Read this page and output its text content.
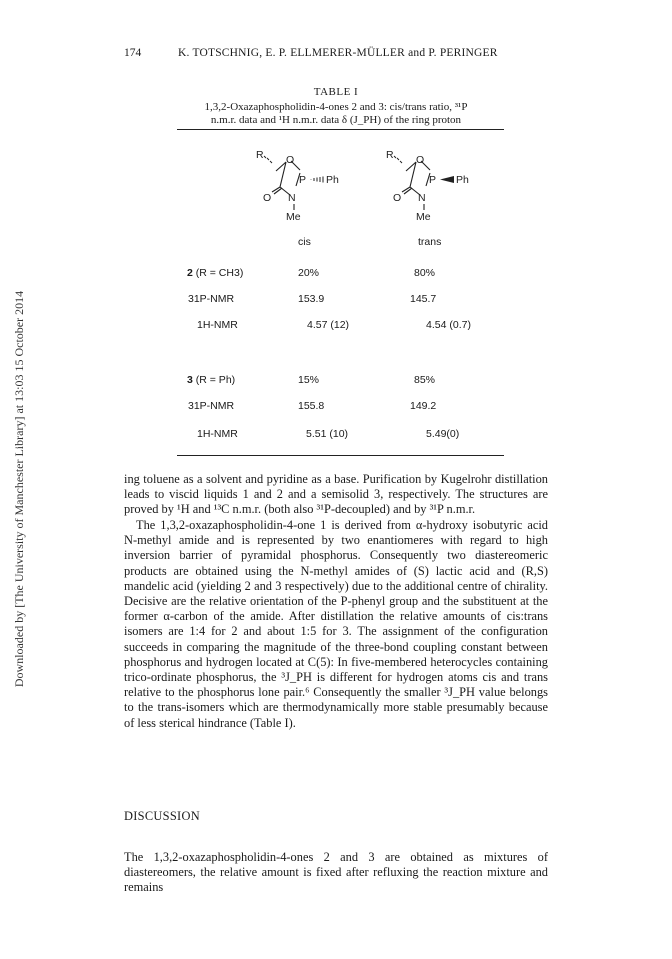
174	K. TOTSCHNIG, E. P. ELLMERER-MÜLLER and P. PERINGER
Downloaded by [The University of Manchester Library] at 13:03 15 October 2014
TABLE I
1,3,2-Oxazaphospholidin-4-ones 2 and 3: cis/trans ratio, ³¹P
n.m.r. data and ¹H n.m.r. data δ (J_PH) of the ring proton
R O
P Ph
N
O
Me
R O
P Ph
N
O
Me
cis	trans
2 (R = CH3)	20%	80%
31P-NMR	153.9	145.7
1H-NMR	4.57 (12)	4.54 (0.7)
3 (R = Ph)	15%	85%
31P-NMR	155.8	149.2
1H-NMR	5.51 (10)	5.49(0)
ing toluene as a solvent and pyridine as a base. Purification by Kugelrohr distillation
leads to viscid liquids 1 and 2 and a semisolid 3, respectively. The structures are
proved by ¹H and ¹³C n.m.r. (both also ³¹P-decoupled) and by ³¹P n.m.r.

The 1,3,2-oxazaphospholidin-4-one 1 is derived from α-hydroxy isobutyric acid N-methyl amide and is represented by two enantiomeres with regard to high inversion barrier of pyramidal phosphorus. Consequently two diastereomeric products are obtained using the N-methyl amides of (S) lactic acid and (R,S) mandelic acid (yielding 2 and 3 respectively) due to the additional centre of chirality. Decisive are the relative orientation of the P-phenyl group and the substituent at the former α-carbon of the amide. After distillation the relative amounts of cis:trans isomers are 1:4 for 2 and about 1:5 for 3. The assignment of the configuration succeeds in comparing the magnitude of the three-bond coupling constant between phosphorus and hydrogen located at C(5): In five-membered heterocycles containing trico-ordinate phosphorus, the ³J_PH is different for hydrogen atoms cis and trans relative to the phosphorus lone pair.⁶ Consequently the smaller ³J_PH value belongs to the trans-isomers which are thermodynamically more stable presumably because of less sterical hindrance (Table I).

DISCUSSION

The 1,3,2-oxazaphospholidin-4-ones 2 and 3 are obtained as mixtures of diastereomers, the relative amount is fixed after refluxing the reaction mixture and remains
